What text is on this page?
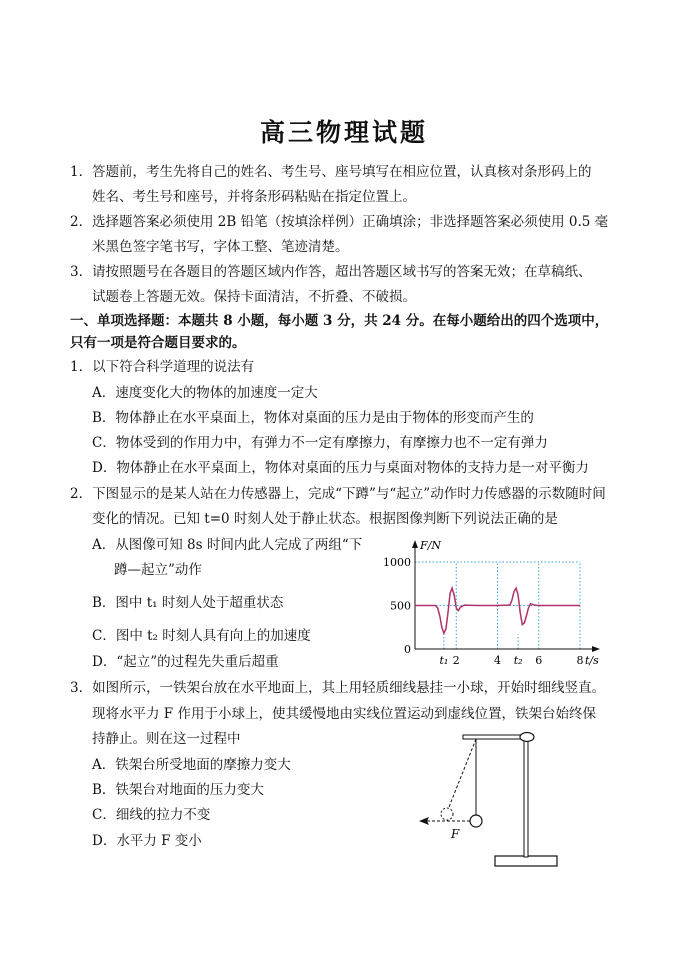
高三物理试题
1． 答题前，考生先将自己的姓名、考生号、座号填写在相应位置，认真核对条形码上的
姓名、考生号和座号，并将条形码粘贴在指定位置上。
2． 选择题答案必须使用 2B 铅笔（按填涂样例）正确填涂；非选择题答案必须使用 0.5 毫
米黑色签字笔书写，字体工整、笔迹清楚。
3． 请按照题号在各题目的答题区域内作答，超出答题区域书写的答案无效；在草稿纸、
试题卷上答题无效。保持卡面清洁，不折叠、不破损。
一、单项选择题：本题共 8 小题，每小题 3 分，共 24 分。在每小题给出的四个选项中，
只有一项是符合题目要求的。
1．以下符合科学道理的说法有
A．速度变化大的物体的加速度一定大
B．物体静止在水平桌面上，物体对桌面的压力是由于物体的形变而产生的
C．物体受到的作用力中，有弹力不一定有摩擦力，有摩擦力也不一定有弹力
D．物体静止在水平桌面上，物体对桌面的压力与桌面对物体的支持力是一对平衡力
2．下图显示的是某人站在力传感器上，完成“下蹲”与“起立”动作时力传感器的示数随时间
变化的情况。已知 t=0 时刻人处于静止状态。根据图像判断下列说法正确的是
A．从图像可知 8s 时间内此人完成了两组“下
蹲—起立”动作
B．图中 t₁ 时刻人处于超重状态
C．图中 t₂ 时刻人具有向上的加速度
D．“起立”的过程先失重后超重
F/N
t/s
1000
500
0
t₁ 2	4 t₂ 6	8
3．如图所示，一铁架台放在水平地面上，其上用轻质细线悬挂一小球，开始时细线竖直。
现将水平力 F 作用于小球上，使其缓慢地由实线位置运动到虚线位置，铁架台始终保
持静止。则在这一过程中
A．铁架台所受地面的摩擦力变大
B．铁架台对地面的压力变大
C．细线的拉力不变
D．水平力 F 变小	F
